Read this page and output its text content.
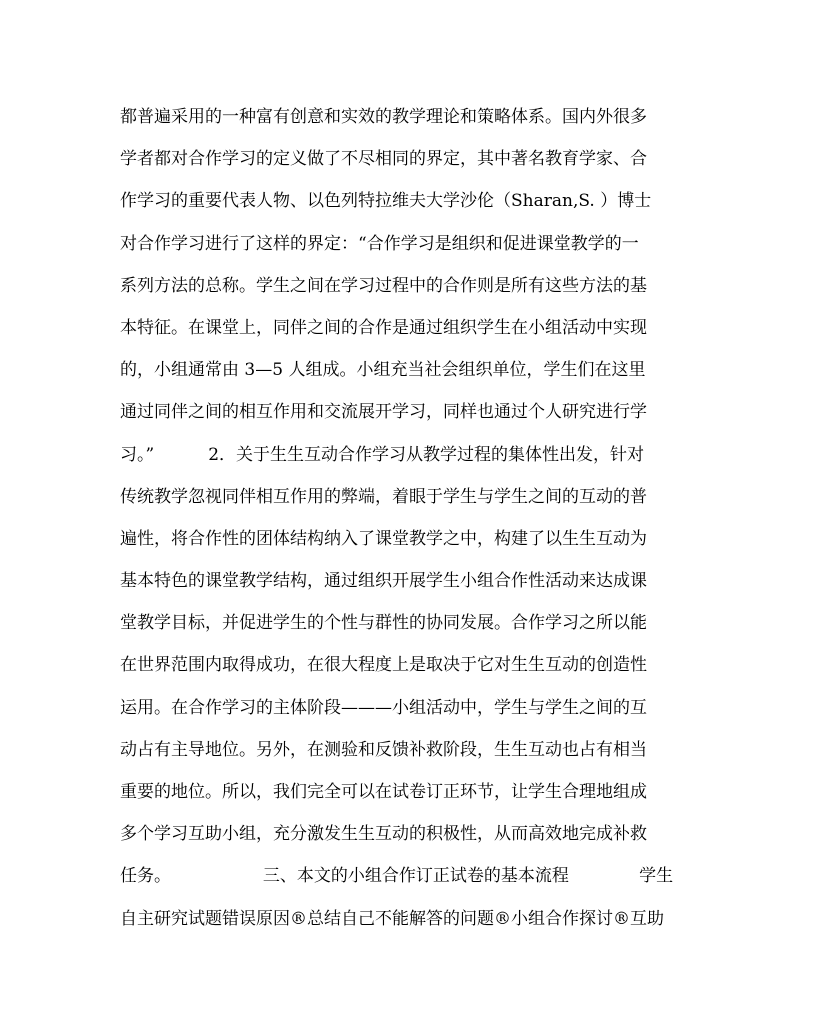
都普遍采用的一种富有创意和实效的教学理论和策略体系。国内外很多
学者都对合作学习的定义做了不尽相同的界定，其中著名教育学家、合
作学习的重要代表人物、以色列特拉维夫大学沙伦（Sharan,S. ）博士
对合作学习进行了这样的界定：“合作学习是组织和促进课堂教学的一
系列方法的总称。学生之间在学习过程中的合作则是所有这些方法的基
本特征。在课堂上，同伴之间的合作是通过组织学生在小组活动中实现
的，小组通常由 3—5 人组成。小组充当社会组织单位，学生们在这里
通过同伴之间的相互作用和交流展开学习，同样也通过个人研究进行学
习。”          2．关于生生互动合作学习从教学过程的集体性出发，针对
传统教学忽视同伴相互作用的弊端，着眼于学生与学生之间的互动的普
遍性，将合作性的团体结构纳入了课堂教学之中，构建了以生生互动为
基本特色的课堂教学结构，通过组织开展学生小组合作性活动来达成课
堂教学目标，并促进学生的个性与群性的协同发展。合作学习之所以能
在世界范围内取得成功，在很大程度上是取决于它对生生互动的创造性
运用。在合作学习的主体阶段———小组活动中，学生与学生之间的互
动占有主导地位。另外，在测验和反馈补救阶段，生生互动也占有相当
重要的地位。所以，我们完全可以在试卷订正环节，让学生合理地组成
多个学习互助小组，充分激发生生互动的积极性，从而高效地完成补救
任务。                 三、本文的小组合作订正试卷的基本流程             学生
自主研究试题错误原因®总结自己不能解答的问题®小组合作探讨®互助
